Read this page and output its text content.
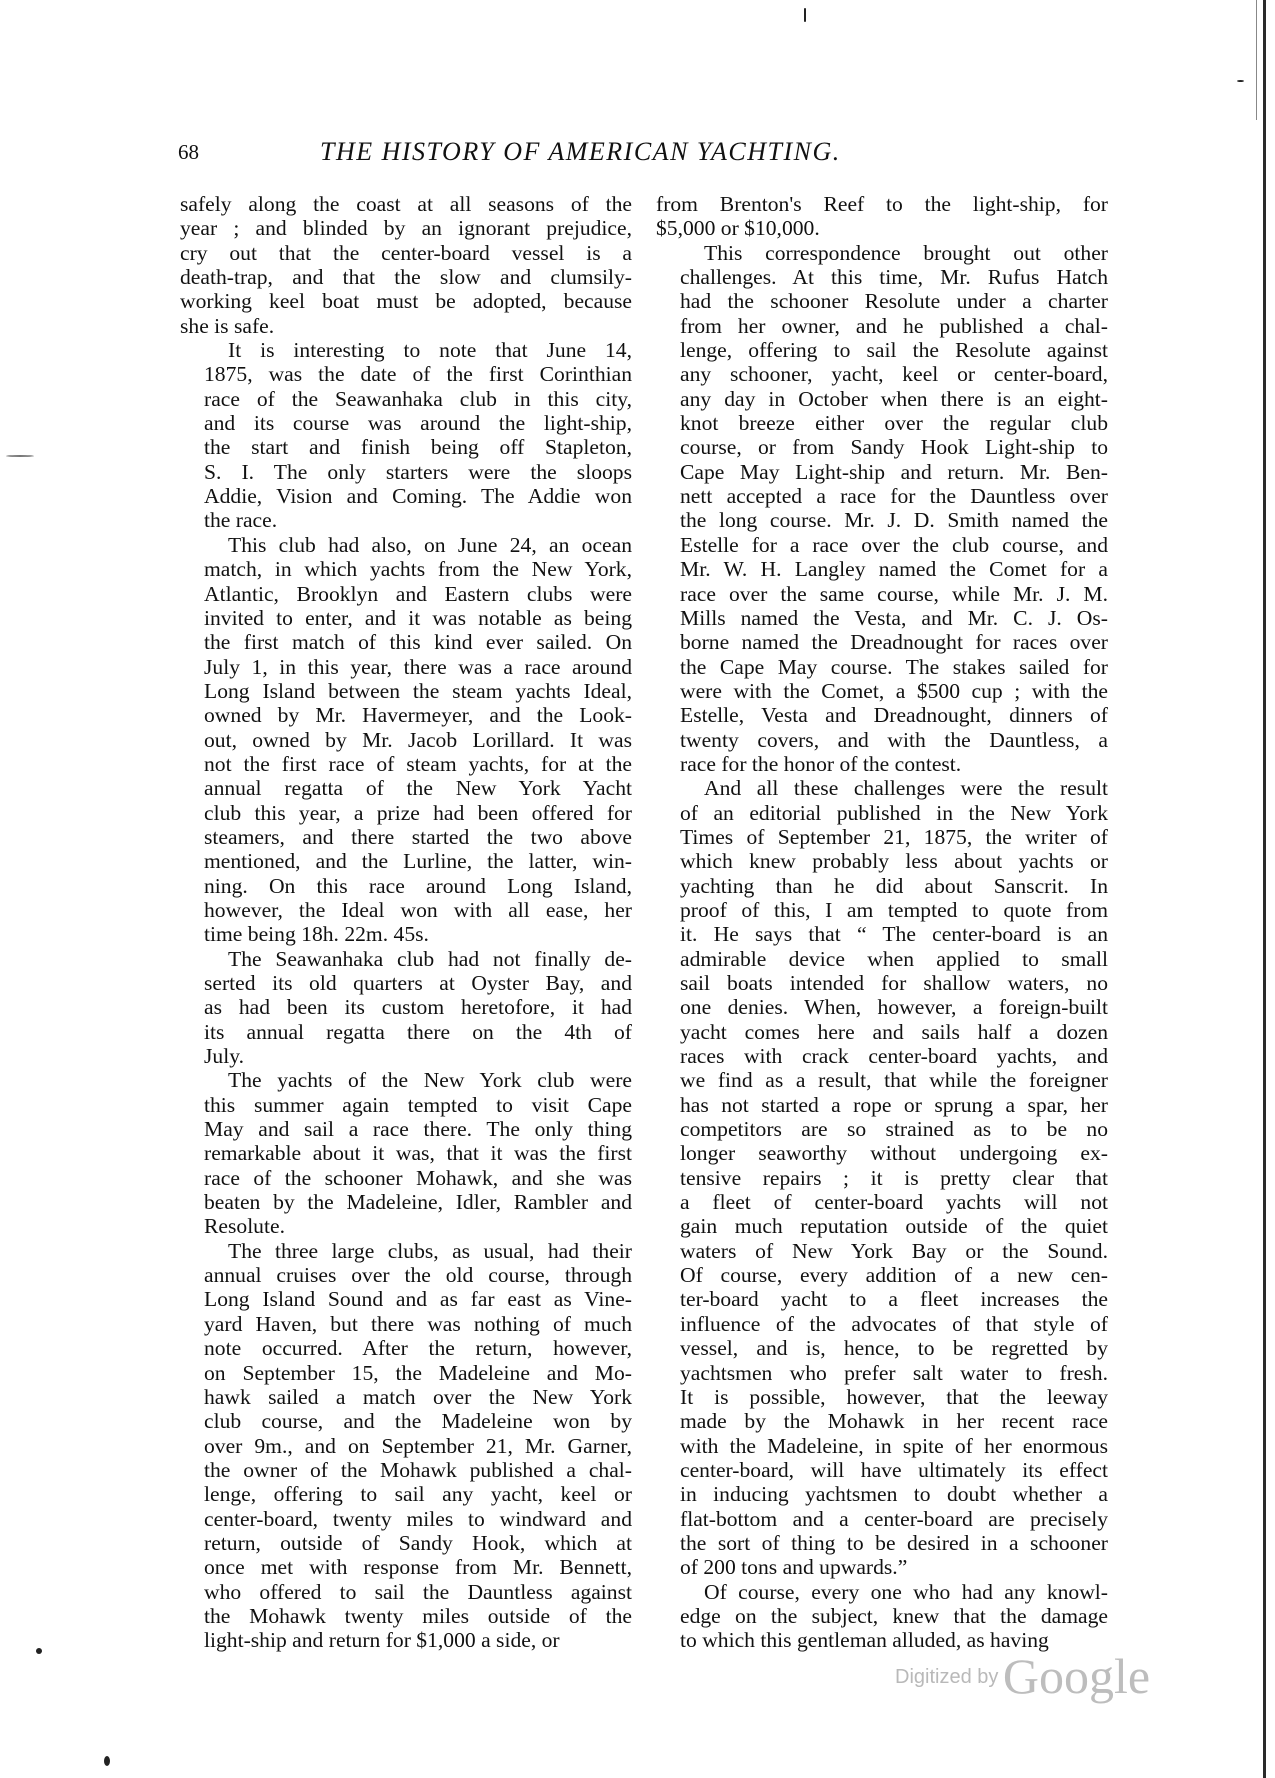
68	THE HISTORY OF AMERICAN YACHTING.
safely along the coast at all seasons of the
year ; and blinded by an ignorant prejudice,
cry out that the center-board vessel is a
death-trap, and that the slow and clumsily-
working keel boat must be adopted, because
she is safe.
It is interesting to note that June 14,
1875, was the date of the first Corinthian
race of the Seawanhaka club in this city,
and its course was around the light-ship,
the start and finish being off Stapleton,
S. I. The only starters were the sloops
Addie, Vision and Coming. The Addie won
the race.
This club had also, on June 24, an ocean
match, in which yachts from the New York,
Atlantic, Brooklyn and Eastern clubs were
invited to enter, and it was notable as being
the first match of this kind ever sailed. On
July 1, in this year, there was a race around
Long Island between the steam yachts Ideal,
owned by Mr. Havermeyer, and the Look-
out, owned by Mr. Jacob Lorillard. It was
not the first race of steam yachts, for at the
annual regatta of the New York Yacht
club this year, a prize had been offered for
steamers, and there started the two above
mentioned, and the Lurline, the latter, win-
ning. On this race around Long Island,
however, the Ideal won with all ease, her
time being 18h. 22m. 45s.
The Seawanhaka club had not finally de-
serted its old quarters at Oyster Bay, and
as had been its custom heretofore, it had
its annual regatta there on the 4th of
July.
The yachts of the New York club were
this summer again tempted to visit Cape
May and sail a race there. The only thing
remarkable about it was, that it was the first
race of the schooner Mohawk, and she was
beaten by the Madeleine, Idler, Rambler and
Resolute.
The three large clubs, as usual, had their
annual cruises over the old course, through
Long Island Sound and as far east as Vine-
yard Haven, but there was nothing of much
note occurred. After the return, however,
on September 15, the Madeleine and Mo-
hawk sailed a match over the New York
club course, and the Madeleine won by
over 9m., and on September 21, Mr. Garner,
the owner of the Mohawk published a chal-
lenge, offering to sail any yacht, keel or
center-board, twenty miles to windward and
return, outside of Sandy Hook, which at
once met with response from Mr. Bennett,
who offered to sail the Dauntless against
the Mohawk twenty miles outside of the
light-ship and return for $1,000 a side, or
from Brenton's Reef to the light-ship, for
$5,000 or $10,000.
This correspondence brought out other
challenges. At this time, Mr. Rufus Hatch
had the schooner Resolute under a charter
from her owner, and he published a chal-
lenge, offering to sail the Resolute against
any schooner, yacht, keel or center-board,
any day in October when there is an eight-
knot breeze either over the regular club
course, or from Sandy Hook Light-ship to
Cape May Light-ship and return. Mr. Ben-
nett accepted a race for the Dauntless over
the long course. Mr. J. D. Smith named the
Estelle for a race over the club course, and
Mr. W. H. Langley named the Comet for a
race over the same course, while Mr. J. M.
Mills named the Vesta, and Mr. C. J. Os-
borne named the Dreadnought for races over
the Cape May course. The stakes sailed for
were with the Comet, a $500 cup ; with the
Estelle, Vesta and Dreadnought, dinners of
twenty covers, and with the Dauntless, a
race for the honor of the contest.
And all these challenges were the result
of an editorial published in the New York
Times of September 21, 1875, the writer of
which knew probably less about yachts or
yachting than he did about Sanscrit. In
proof of this, I am tempted to quote from
it. He says that “ The center-board is an
admirable device when applied to small
sail boats intended for shallow waters, no
one denies. When, however, a foreign-built
yacht comes here and sails half a dozen
races with crack center-board yachts, and
we find as a result, that while the foreigner
has not started a rope or sprung a spar, her
competitors are so strained as to be no
longer seaworthy without undergoing ex-
tensive repairs ; it is pretty clear that
a fleet of center-board yachts will not
gain much reputation outside of the quiet
waters of New York Bay or the Sound.
Of course, every addition of a new cen-
ter-board yacht to a fleet increases the
influence of the advocates of that style of
vessel, and is, hence, to be regretted by
yachtsmen who prefer salt water to fresh.
It is possible, however, that the leeway
made by the Mohawk in her recent race
with the Madeleine, in spite of her enormous
center-board, will have ultimately its effect
in inducing yachtsmen to doubt whether a
flat-bottom and a center-board are precisely
the sort of thing to be desired in a schooner
of 200 tons and upwards.”
Of course, every one who had any knowl-
edge on the subject, knew that the damage
to which this gentleman alluded, as having
Digitized by Google
